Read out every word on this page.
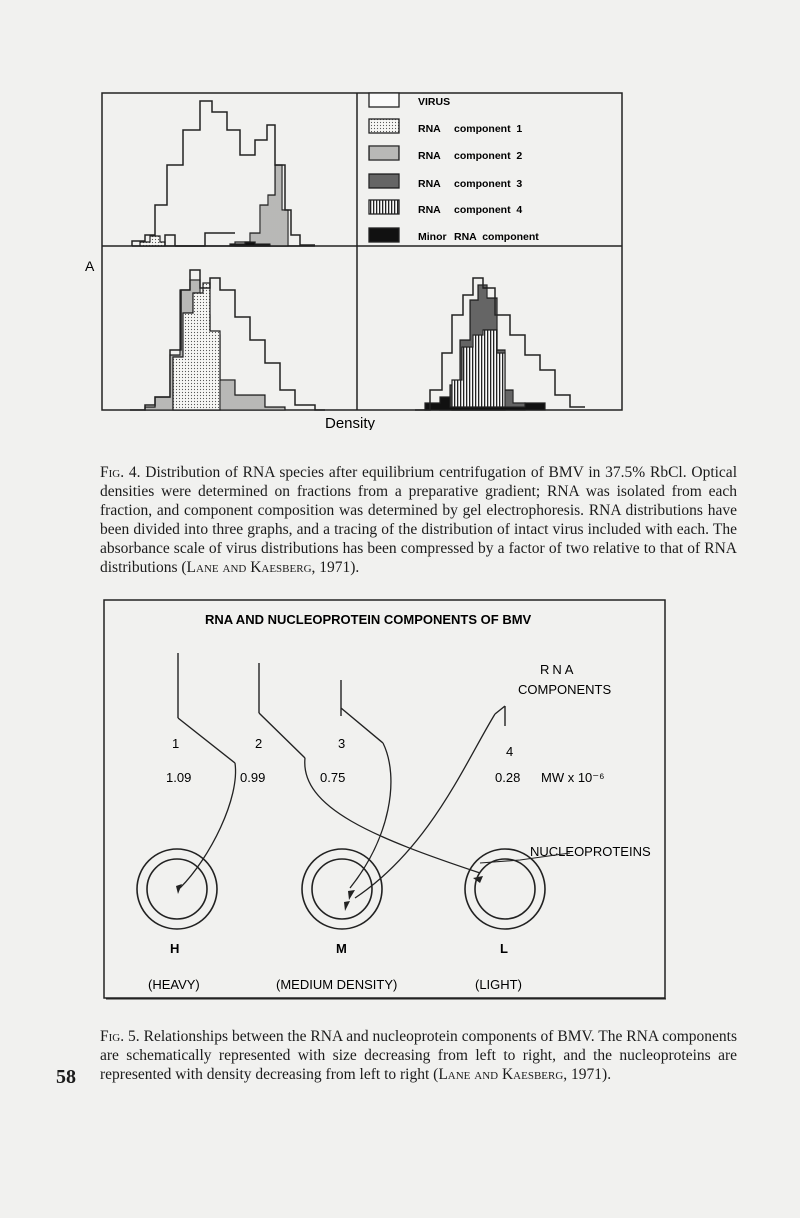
VIRUS
RNA component  1
RNA component  2
RNA component  3
RNA component  4
Minor RNA  component
A
Density
Fig. 4. Distribution of RNA species after equilibrium centrifugation of BMV in 37.5% RbCl. Optical densities were determined on fractions from a preparative gradient; RNA was isolated from each fraction, and component composition was determined by gel electrophoresis. RNA distributions have been divided into three graphs, and a tracing of the distribution of intact virus included with each. The absorbance scale of virus distributions has been compressed by a factor of two relative to that of RNA distributions (Lane and Kaesberg, 1971).
RNA AND NUCLEOPROTEIN COMPONENTS OF BMV
RNA
COMPONENTS
1	2	3
4
1.09	0.99	0.75	0.28 MW x 10⁻⁶
NUCLEOPROTEINS
H	M	L
(HEAVY)	(MEDIUM DENSITY)	(LIGHT)
Fig. 5. Relationships between the RNA and nucleoprotein components of BMV. The RNA components are schematically represented with size decreasing from left to right, and the nucleoproteins are represented with density decreasing from left to right (Lane and Kaesberg, 1971).
58
